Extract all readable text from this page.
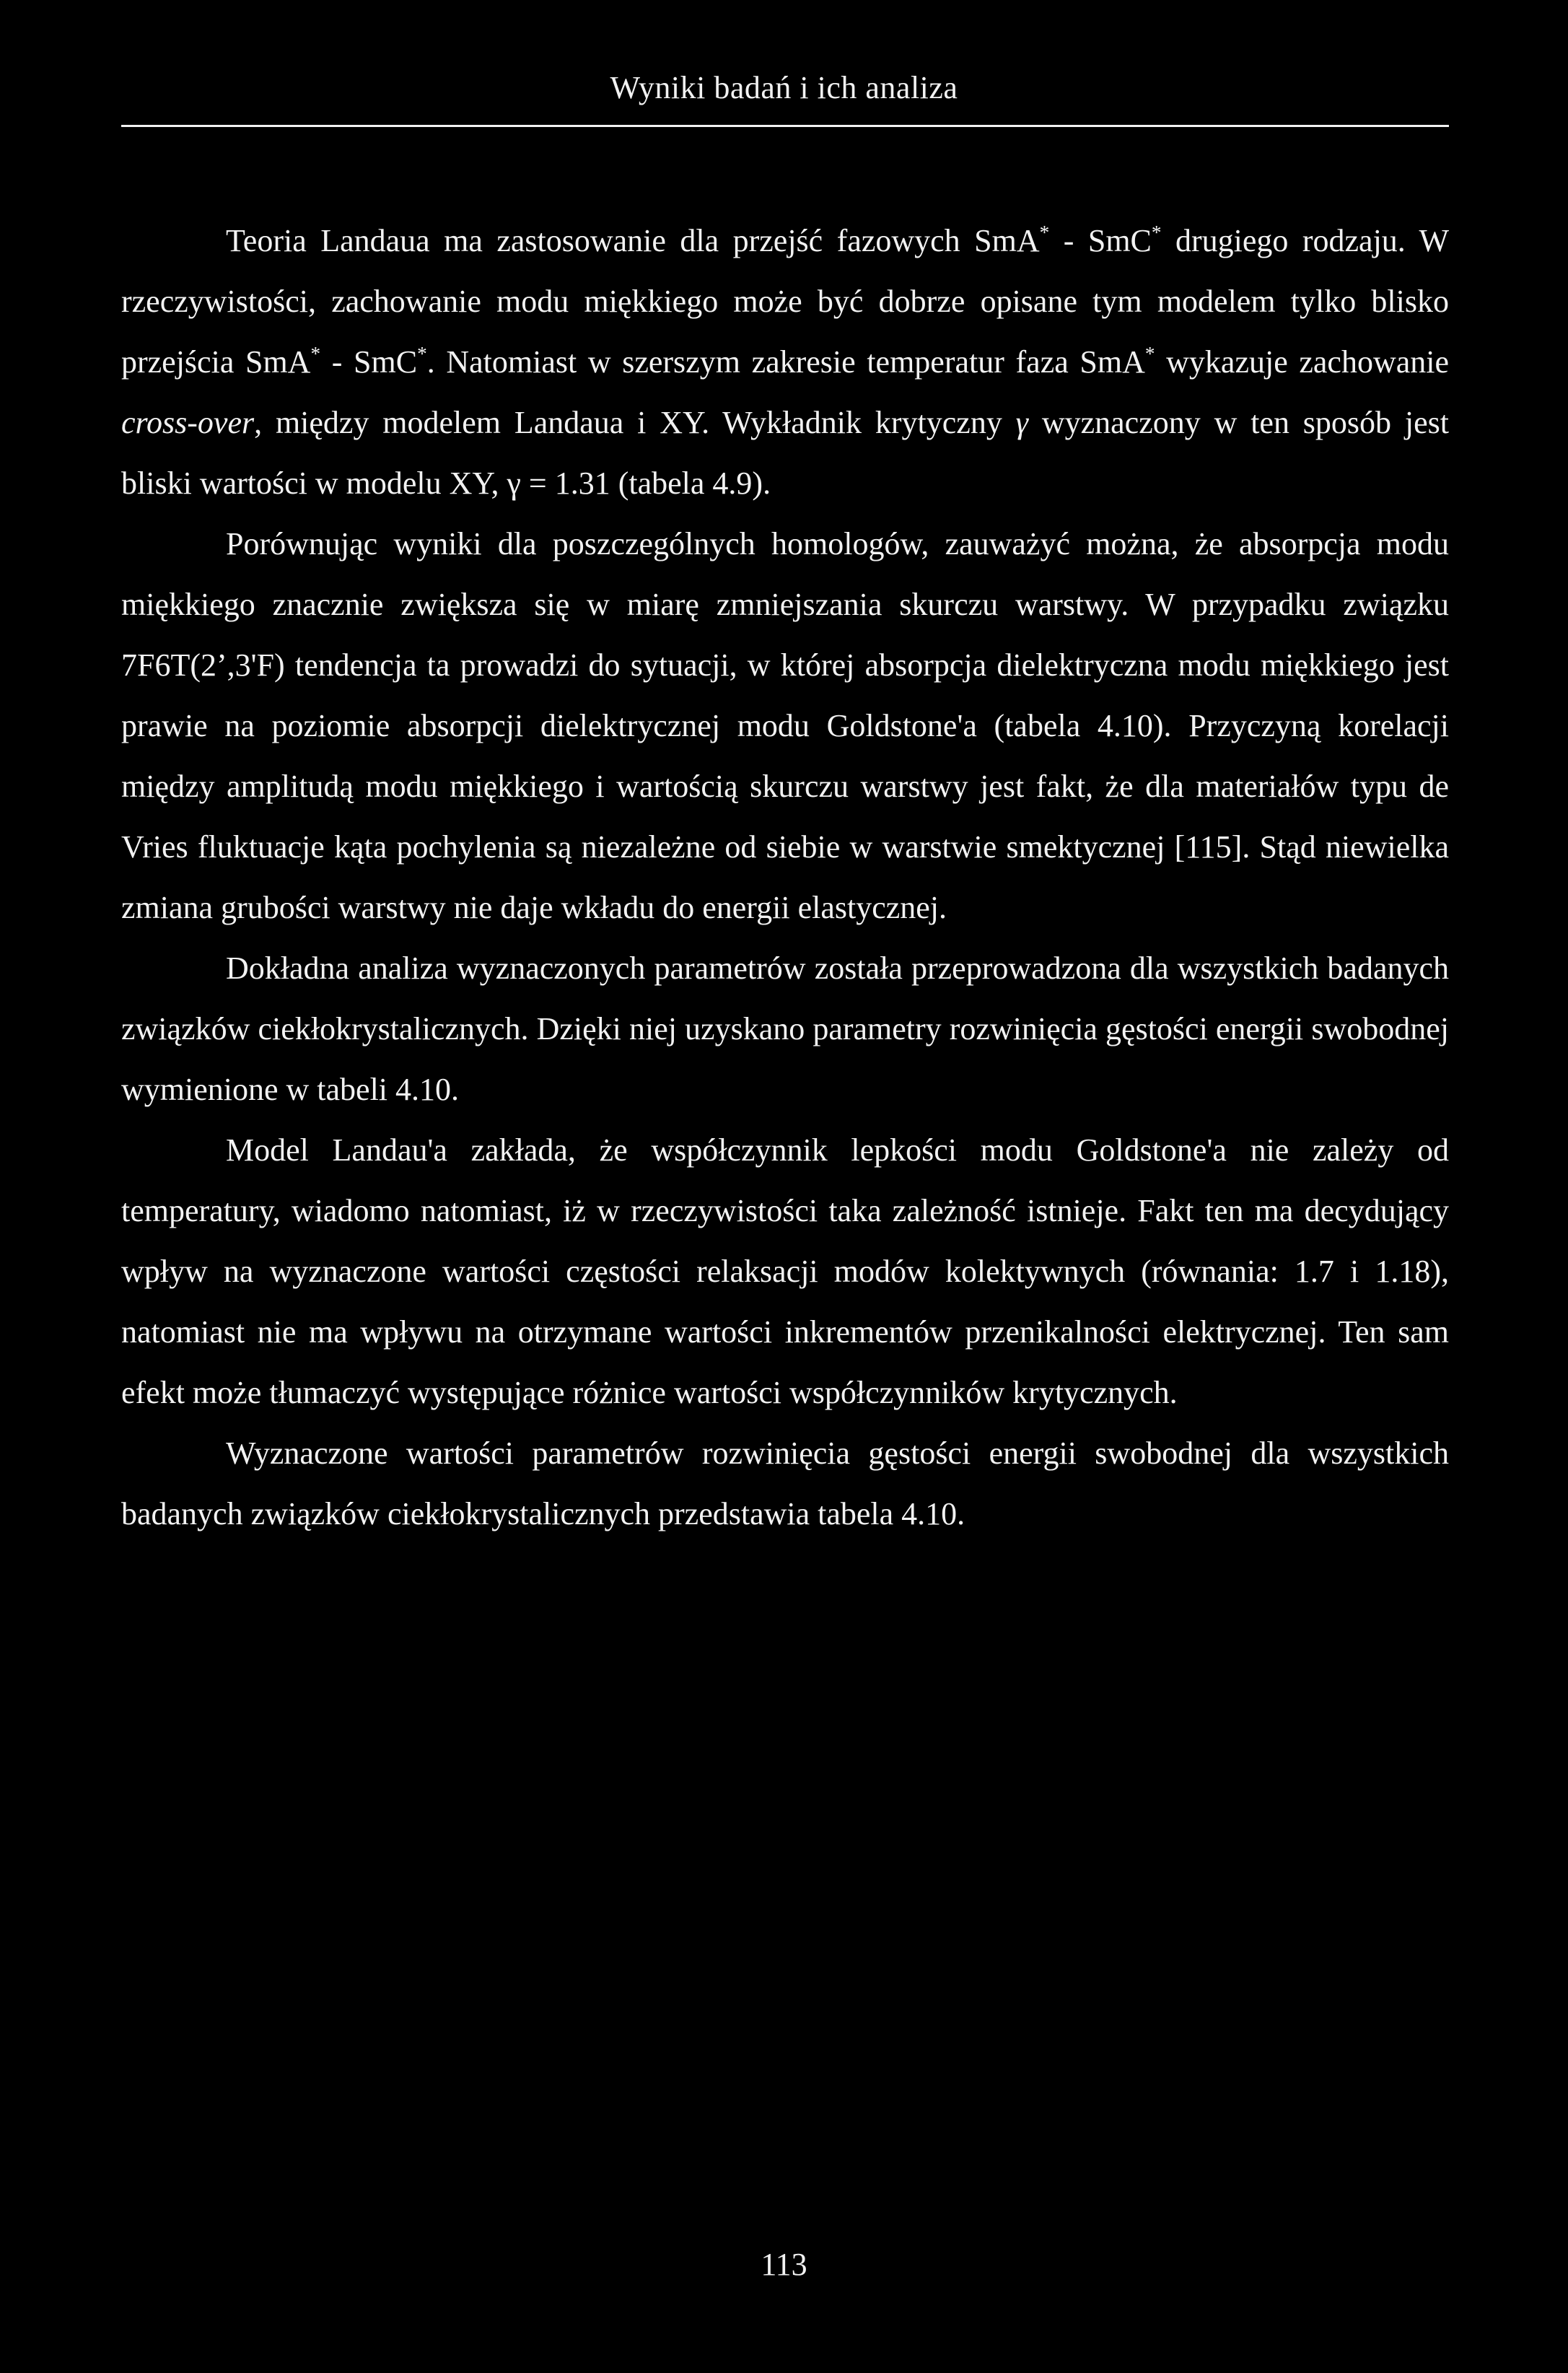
Wyniki badań i ich analiza

Teoria Landaua ma zastosowanie dla przejść fazowych SmA* - SmC* drugiego rodzaju. W rzeczywistości, zachowanie modu miękkiego może być dobrze opisane tym modelem tylko blisko przejścia SmA* - SmC*. Natomiast w szerszym zakresie temperatur faza SmA* wykazuje zachowanie cross-over, między modelem Landaua i XY. Wykładnik krytyczny γ wyznaczony w ten sposób jest bliski wartości w modelu XY, γ = 1.31 (tabela 4.9).

Porównując wyniki dla poszczególnych homologów, zauważyć można, że absorpcja modu miękkiego znacznie zwiększa się w miarę zmniejszania skurczu warstwy. W przypadku związku 7F6T(2’,3'F) tendencja ta prowadzi do sytuacji, w której absorpcja dielektryczna modu miękkiego jest prawie na poziomie absorpcji dielektrycznej modu Goldstone'a (tabela 4.10). Przyczyną korelacji między amplitudą modu miękkiego i wartością skurczu warstwy jest fakt, że dla materiałów typu de Vries fluktuacje kąta pochylenia są niezależne od siebie w warstwie smektycznej [115]. Stąd niewielka zmiana grubości warstwy nie daje wkładu do energii elastycznej.

Dokładna analiza wyznaczonych parametrów została przeprowadzona dla wszystkich badanych związków ciekłokrystalicznych. Dzięki niej uzyskano parametry rozwinięcia gęstości energii swobodnej wymienione w tabeli 4.10.

Model Landau'a zakłada, że współczynnik lepkości modu Goldstone'a nie zależy od temperatury, wiadomo natomiast, iż w rzeczywistości taka zależność istnieje. Fakt ten ma decydujący wpływ na wyznaczone wartości częstości relaksacji modów kolektywnych (równania: 1.7 i 1.18), natomiast nie ma wpływu na otrzymane wartości inkrementów przenikalności elektrycznej. Ten sam efekt może tłumaczyć występujące różnice wartości współczynników krytycznych.

Wyznaczone wartości parametrów rozwinięcia gęstości energii swobodnej dla wszystkich badanych związków ciekłokrystalicznych przedstawia tabela 4.10.

113
